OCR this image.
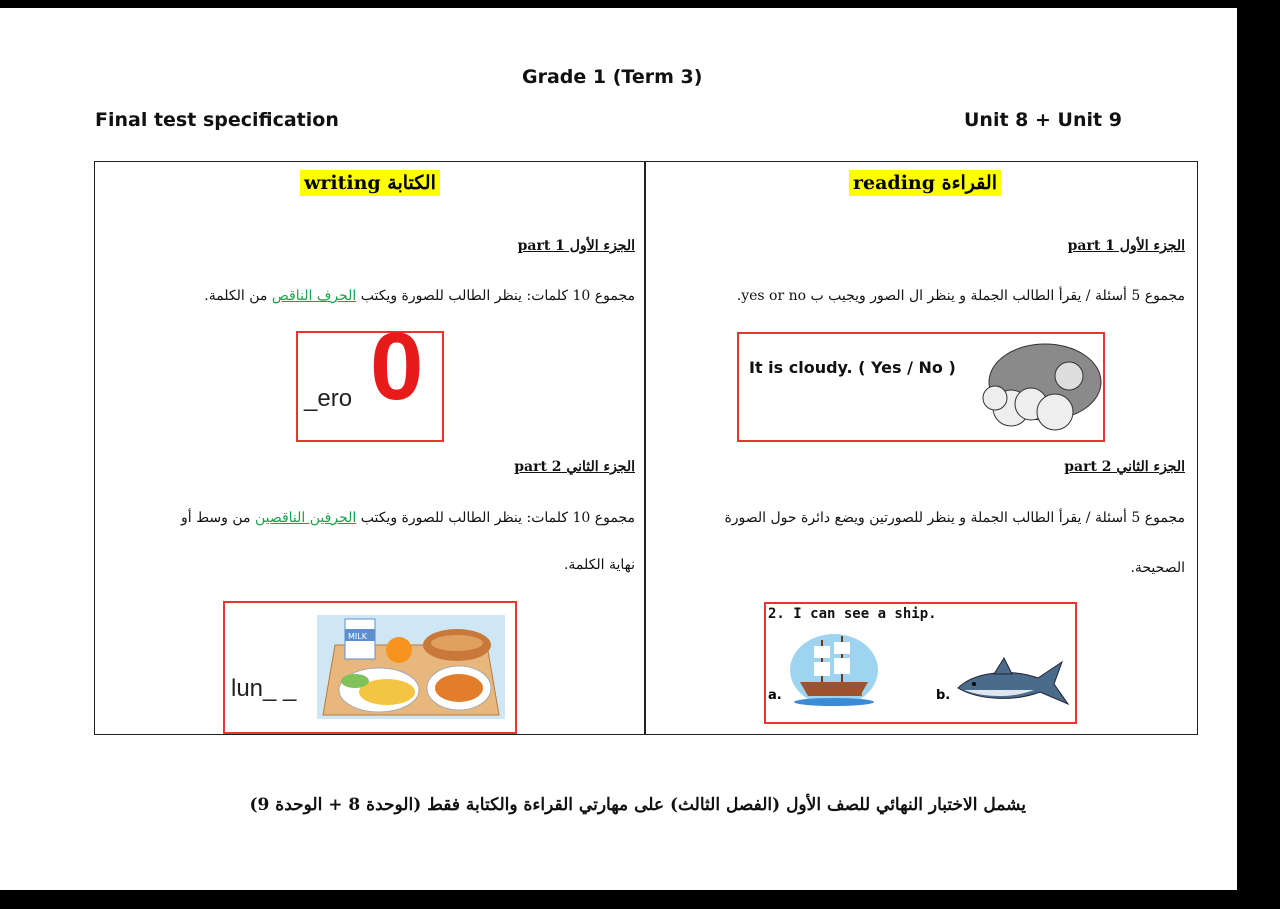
Grade 1 (Term 3)
Final test specification	Unit 8 + Unit 9
writing الكتابة
الجزء الأول part 1
مجموع 10 كلمات: ينظر الطالب للصورة ويكتب الحرف الناقص من الكلمة.
_ero 0
الجزء الثاني part 2
مجموع 10 كلمات: ينظر الطالب للصورة ويكتب الحرفين الناقصين من وسط أو
نهاية الكلمة.
lun_ _
MILK
reading القراءة
الجزء الأول part 1
مجموع 5 أسئلة / يقرأ الطالب الجملة و ينظر ال الصور ويجيب ب yes or no.
It is cloudy. ( Yes / No )
الجزء الثاني part 2
مجموع 5 أسئلة / يقرأ الطالب الجملة و ينظر للصورتين ويضع دائرة حول الصورة
الصحيحة.
2. I can see a ship.
a.	b.
يشمل الاختبار النهائي للصف الأول (الفصل الثالث) على مهارتي القراءة والكتابة فقط (الوحدة 8 + الوحدة 9)
